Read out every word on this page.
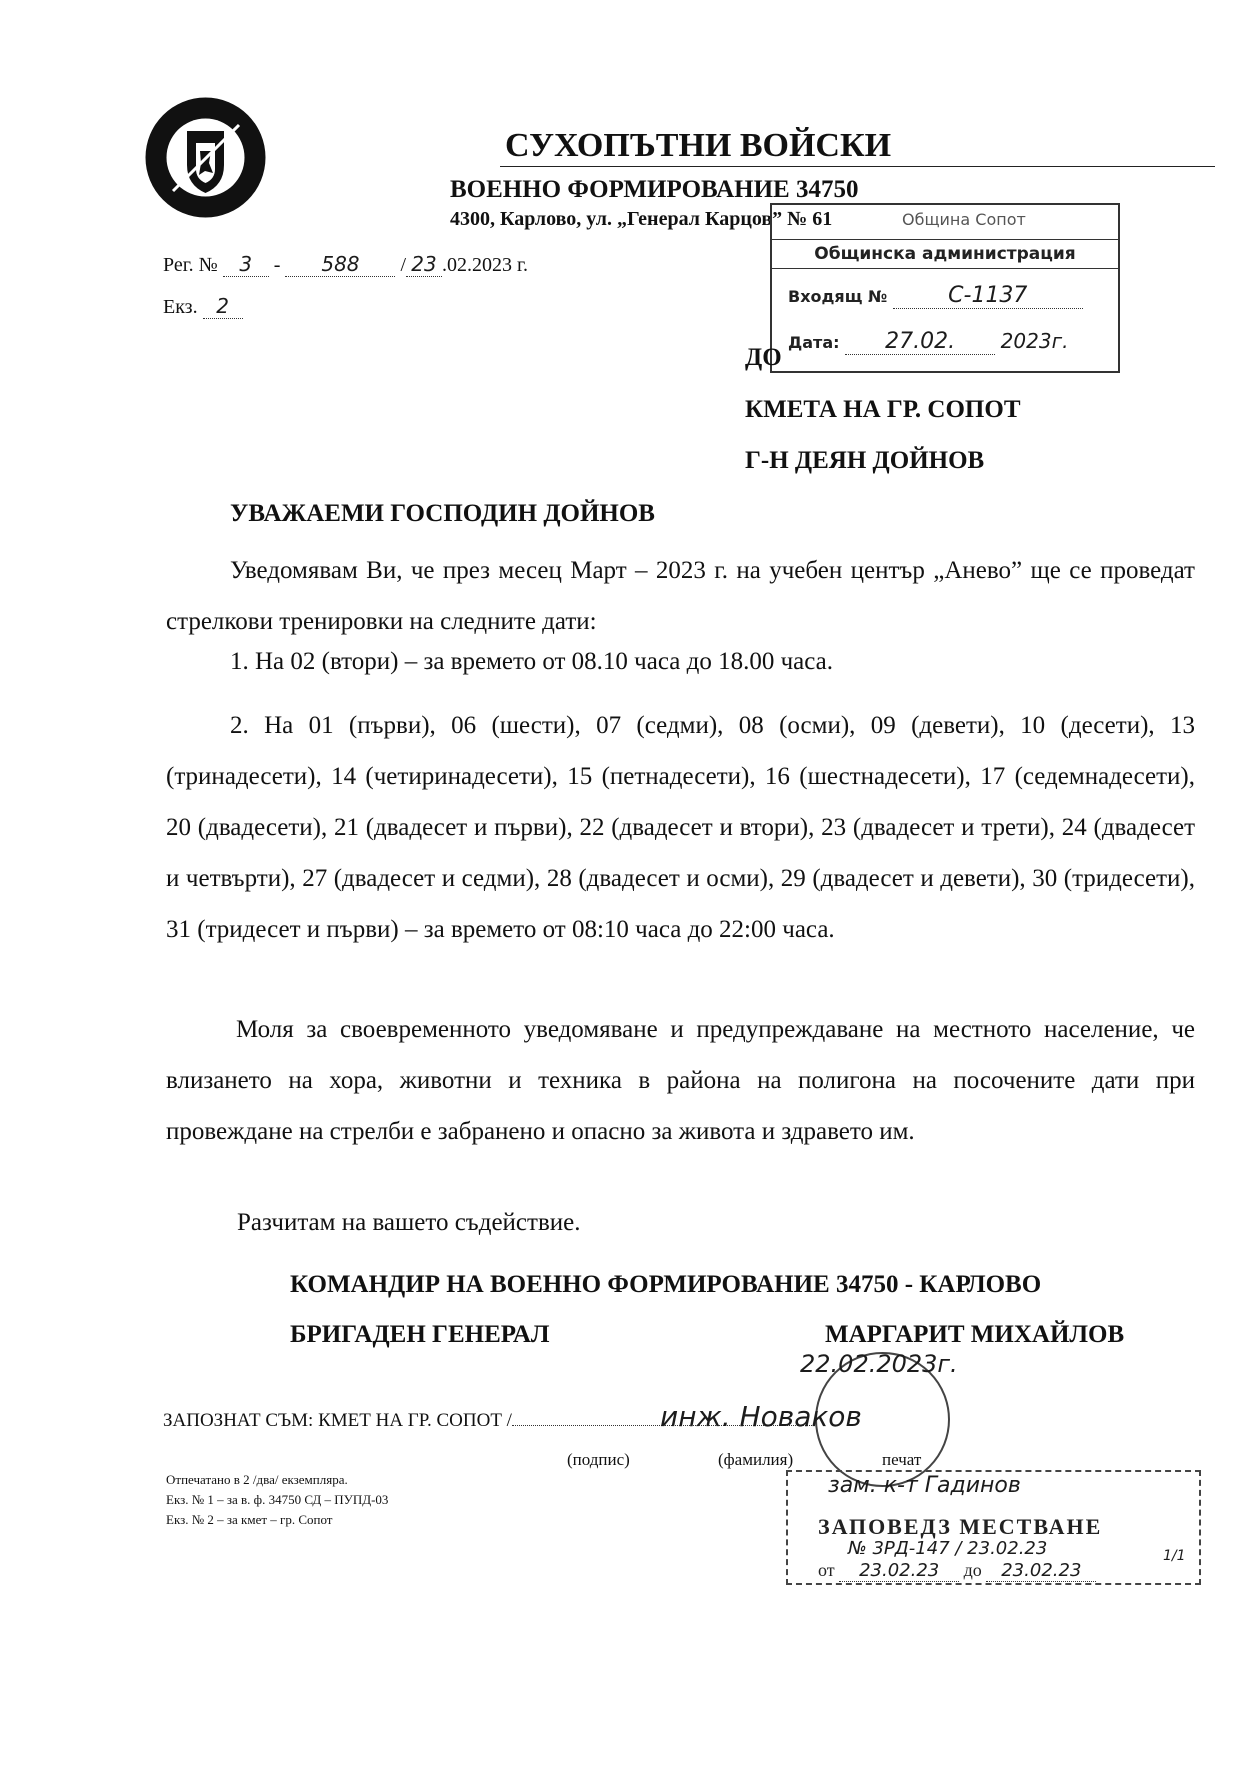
СУХОПЪТНИ ВОЙСКИ
ВОЕННО ФОРМИРОВАНИЕ 34750
4300, Карлово, ул. „Генерал Карцов” № 61
Рег. № 3 - 588 / 23 .02.2023 г.
Екз. 2
Община Сопот
Общинска администрация
Входящ №	С-1137
Дата: 27.02. 2023г.
ДО
КМЕТА НА ГР. СОПОТ
Г-Н ДЕЯН ДОЙНОВ
УВАЖАЕМИ ГОСПОДИН ДОЙНОВ
Уведомявам Ви, че през месец Март – 2023 г. на учебен център „Анево” ще се проведат стрелкови тренировки на следните дати:
1. На 02 (втори) – за времето от 08.10 часа до 18.00 часа.
2. На 01 (първи), 06 (шести), 07 (седми), 08 (осми), 09 (девети), 10 (десети), 13 (тринадесети), 14 (четиринадесети), 15 (петнадесети), 16 (шестнадесети), 17 (седемнадесети), 20 (двадесети), 21 (двадесет и първи), 22 (двадесет и втори), 23 (двадесет и трети), 24 (двадесет и четвърти), 27 (двадесет и седми), 28 (двадесет и осми), 29 (двадесет и девети), 30 (тридесети), 31 (тридесет и първи) – за времето от 08:10 часа до 22:00 часа.
Моля за своевременното уведомяване и предупреждаване на местното население, че влизането на хора, животни и техника в района на полигона на посочените дати при провеждане на стрелби е забранено и опасно за живота и здравето им.
Разчитам на вашето съдействие.
КОМАНДИР НА ВОЕННО ФОРМИРОВАНИЕ 34750 - КАРЛОВО
БРИГАДЕН ГЕНЕРАЛ	МАРГАРИТ МИХАЙЛОВ
22.02.2023г.
ЗАПОЗНАТ СЪМ: КМЕТ НА ГР. СОПОТ /	инж. Новаков
(подпис)	(фамилия)	печат
Отпечатано в 2 /два/ екземпляра.
Екз. № 1 – за в. ф. 34750 СД – ПУПД-03
Екз. № 2 – за кмет – гр. Сопот
зам. к-т Гадинов
ЗАПОВЕДЗ МЕСТВАНЕ
№ 3РД-147 / 23.02.23	1/1
от 23.02.23 до 23.02.23
